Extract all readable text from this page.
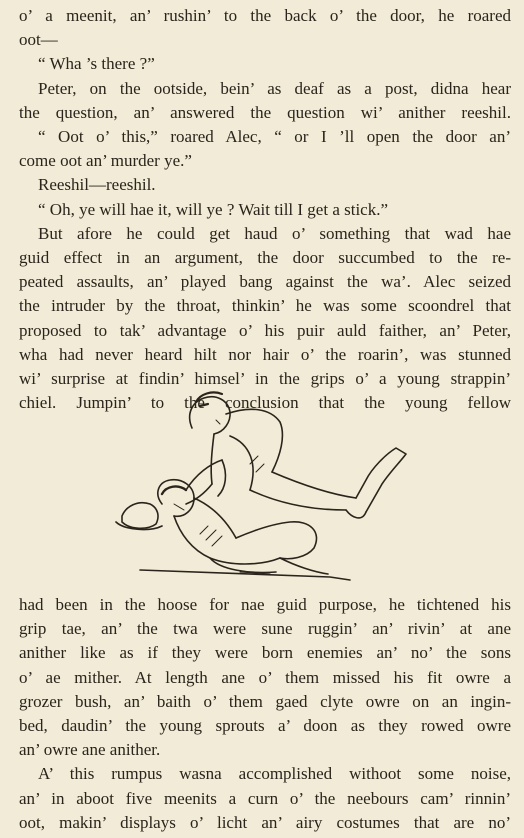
o’ a meenit, an’ rushin’ to the back o’ the door, he roared
oot—
“ Wha ’s there ?”
Peter, on the ootside, bein’ as deaf as a post, didna hear
the question, an’ answered the question wi’ anither reeshil.
“ Oot o’ this,” roared Alec, “ or I ’ll open the door an’
come oot an’ murder ye.”
Reeshil—reeshil.
“ Oh, ye will hae it, will ye ? Wait till I get a stick.”
But afore he could get haud o’ something that wad hae
guid effect in an argument, the door succumbed to the re-
peated assaults, an’ played bang against the wa’. Alec seized
the intruder by the throat, thinkin’ he was some scoondrel that
proposed to tak’ advantage o’ his puir auld faither, an’ Peter,
wha had never heard hilt nor hair o’ the roarin’, was stunned
wi’ surprise at findin’ himsel’ in the grips o’ a young strappin’
chiel. Jumpin’ to the conclusion that the young fellow
had been in the hoose for nae guid purpose, he tichtened his
grip tae, an’ the twa were sune ruggin’ an’ rivin’ at ane
anither like as if they were born enemies an’ no’ the sons
o’ ae mither. At length ane o’ them missed his fit owre a
grozer bush, an’ baith o’ them gaed clyte owre on an ingin-
bed, daudin’ the young sprouts a’ doon as they rowed owre
an’ owre ane anither.
A’ this rumpus wasna accomplished withoot some noise,
an’ in aboot five meenits a curn o’ the neebours cam’ rinnin’
oot, makin’ displays o’ licht an’ airy costumes that are no’
